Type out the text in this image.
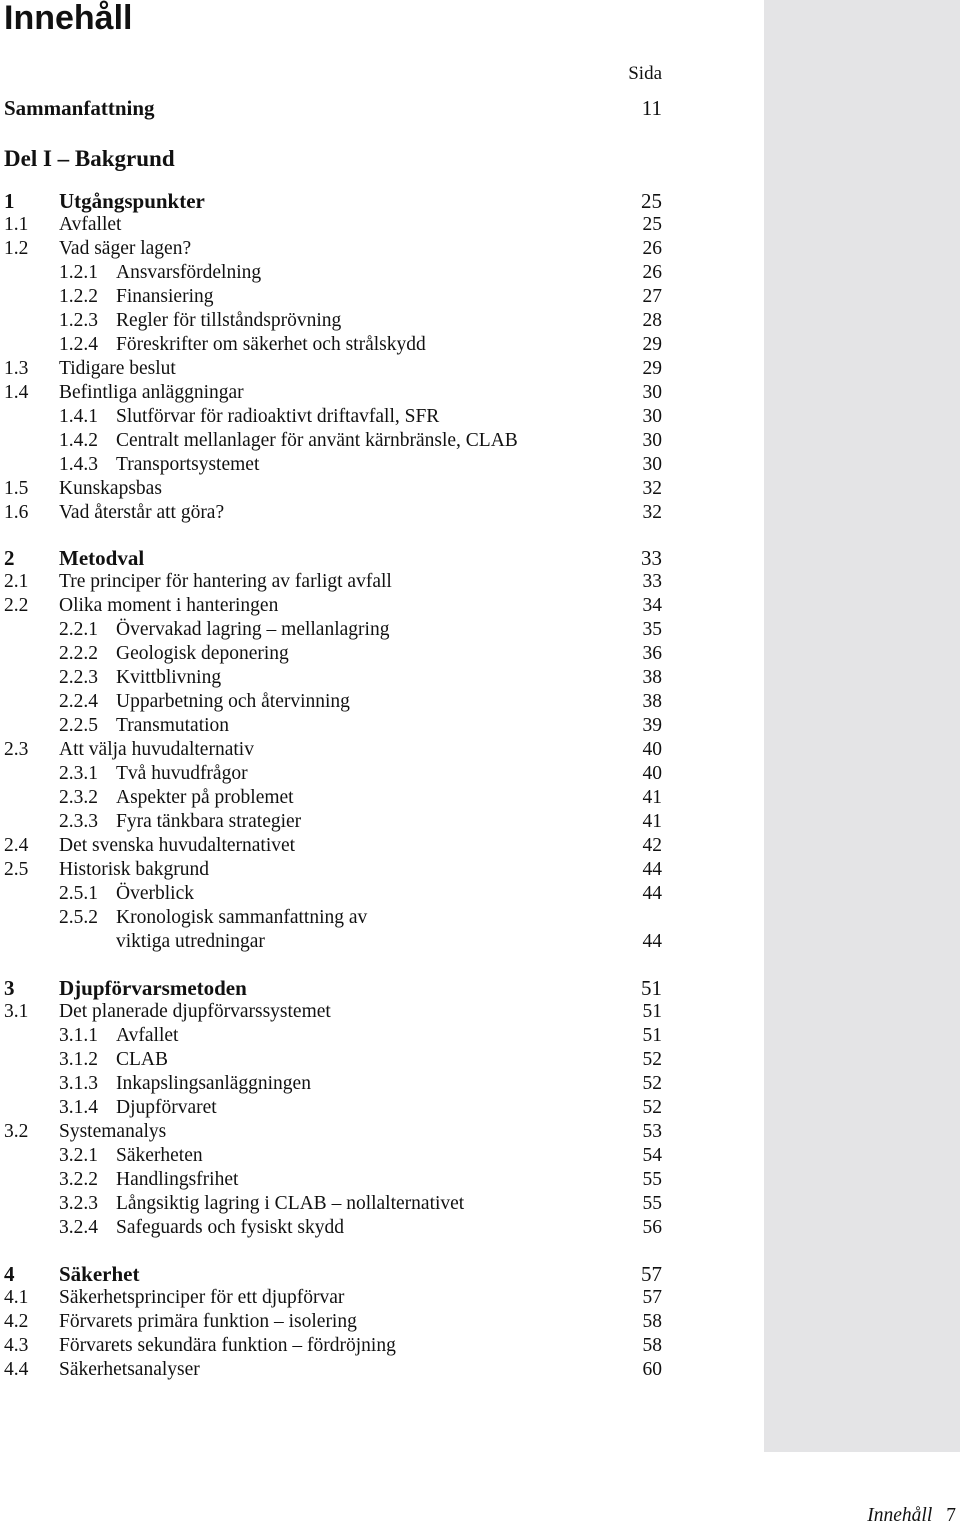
Innehåll
Sida
Sammanfattning	11
Del I – Bakgrund
1 Utgångspunkter	25
1.1 Avfallet	25
1.2 Vad säger lagen?	26
1.2.1 Ansvarsfördelning	26
1.2.2 Finansiering	27
1.2.3 Regler för tillståndsprövning	28
1.2.4 Föreskrifter om säkerhet och strålskydd	29
1.3 Tidigare beslut	29
1.4 Befintliga anläggningar	30
1.4.1 Slutförvar för radioaktivt driftavfall, SFR	30
1.4.2 Centralt mellanlager för använt kärnbränsle, CLAB	30
1.4.3 Transportsystemet	30
1.5 Kunskapsbas	32
1.6 Vad återstår att göra?	32
2 Metodval	33
2.1 Tre principer för hantering av farligt avfall	33
2.2 Olika moment i hanteringen	34
2.2.1 Övervakad lagring – mellanlagring	35
2.2.2 Geologisk deponering	36
2.2.3 Kvittblivning	38
2.2.4 Upparbetning och återvinning	38
2.2.5 Transmutation	39
2.3 Att välja huvudalternativ	40
2.3.1 Två huvudfrågor	40
2.3.2 Aspekter på problemet	41
2.3.3 Fyra tänkbara strategier	41
2.4 Det svenska huvudalternativet	42
2.5 Historisk bakgrund	44
2.5.1 Överblick	44
2.5.2 Kronologisk sammanfattning av
viktiga utredningar	44
3 Djupförvarsmetoden	51
3.1 Det planerade djupförvarssystemet	51
3.1.1 Avfallet	51
3.1.2 CLAB	52
3.1.3 Inkapslingsanläggningen	52
3.1.4 Djupförvaret	52
3.2 Systemanalys	53
3.2.1 Säkerheten	54
3.2.2 Handlingsfrihet	55
3.2.3 Långsiktig lagring i CLAB – nollalternativet	55
3.2.4 Safeguards och fysiskt skydd	56
4 Säkerhet	57
4.1 Säkerhetsprinciper för ett djupförvar	57
4.2 Förvarets primära funktion – isolering	58
4.3 Förvarets sekundära funktion – fördröjning	58
4.4 Säkerhetsanalyser	60
Innehåll 7
